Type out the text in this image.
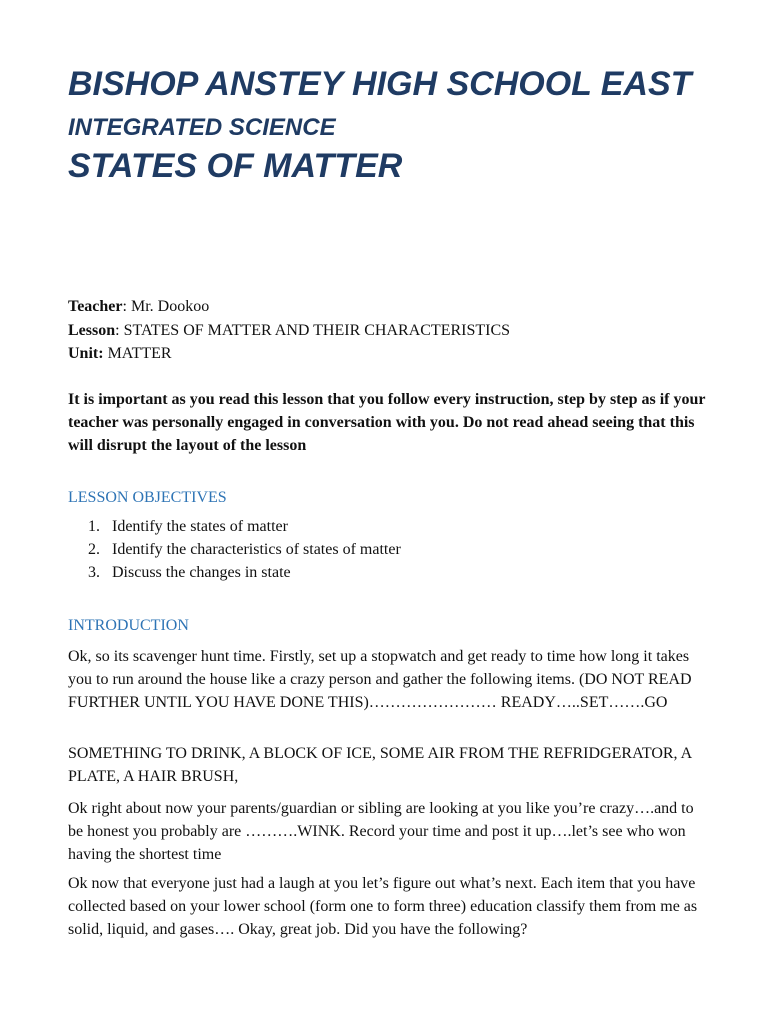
BISHOP ANSTEY HIGH SCHOOL EAST
INTEGRATED SCIENCE
STATES OF MATTER
Teacher: Mr. Dookoo
Lesson: STATES OF MATTER AND THEIR CHARACTERISTICS
Unit: MATTER
It is important as you read this lesson that you follow every instruction, step by step as if your teacher was personally engaged in conversation with you. Do not read ahead seeing that this will disrupt the layout of the lesson
LESSON OBJECTIVES
1. Identify the states of matter
2. Identify the characteristics of states of matter
3. Discuss the changes in state
INTRODUCTION

Ok, so its scavenger hunt time. Firstly, set up a stopwatch and get ready to time how long it takes you to run around the house like a crazy person and gather the following items. (DO NOT READ FURTHER UNTIL YOU HAVE DONE THIS)…………………… READY…..SET…….GO

SOMETHING TO DRINK, A BLOCK OF ICE, SOME AIR FROM THE REFRIDGERATOR, A PLATE, A HAIR BRUSH,

Ok right about now your parents/guardian or sibling are looking at you like you’re crazy….and to be honest you probably are ……….WINK. Record your time and post it up….let’s see who won having the shortest time

Ok now that everyone just had a laugh at you let’s figure out what’s next. Each item that you have collected based on your lower school (form one to form three) education classify them from me as solid, liquid, and gases…. Okay, great job. Did you have the following?
